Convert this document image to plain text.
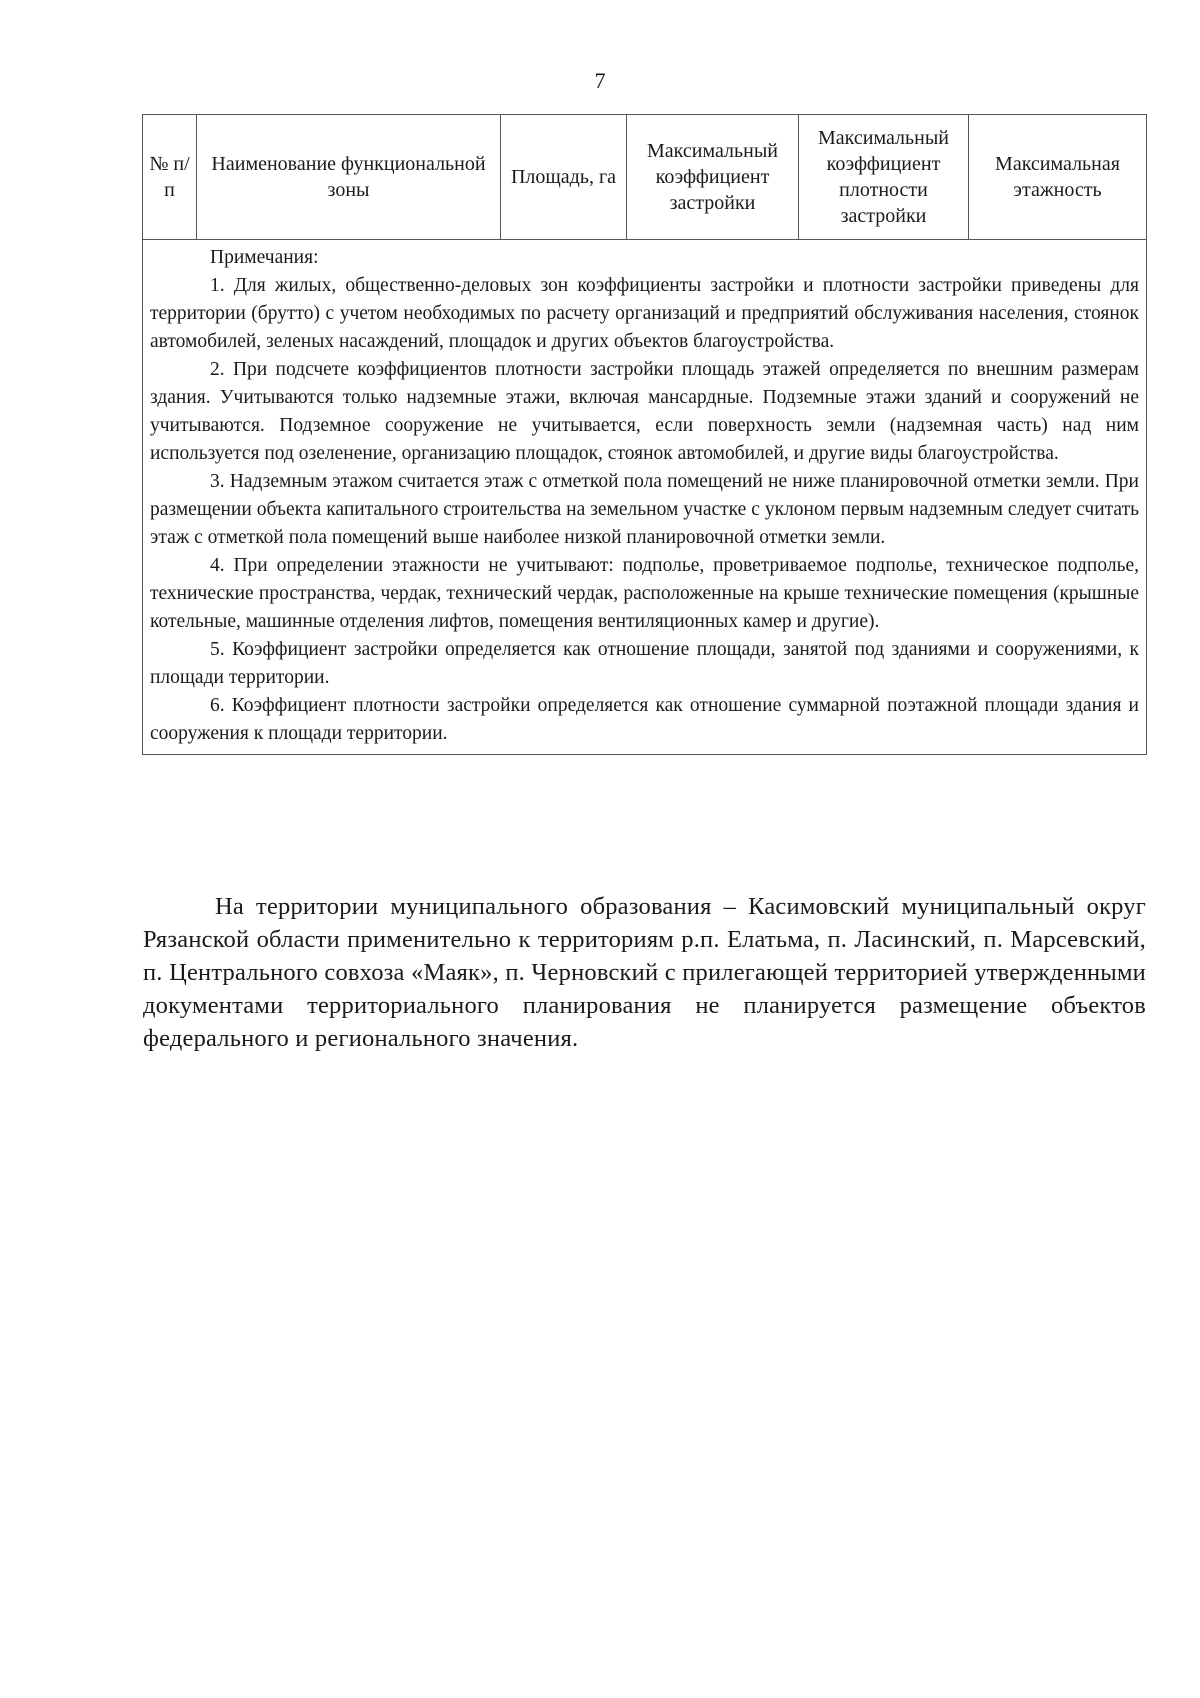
7
№ п/п	Наименование функциональной зоны	Площадь, га	Максимальный коэффициент застройки	Максимальный коэффициент плотности застройки	Максимальная этажность

Примечания:

1. Для жилых, общественно-деловых зон коэффициенты застройки и плотности застройки приведены для территории (брутто) с учетом необходимых по расчету организаций и предприятий обслуживания населения, стоянок автомобилей, зеленых насаждений, площадок и других объектов благоустройства.

2. При подсчете коэффициентов плотности застройки площадь этажей определяется по внешним размерам здания. Учитываются только надземные этажи, включая мансардные. Подземные этажи зданий и сооружений не учитываются. Подземное сооружение не учитывается, если поверхность земли (надземная часть) над ним используется под озеленение, организацию площадок, стоянок автомобилей, и другие виды благоустройства.

3. Надземным этажом считается этаж с отметкой пола помещений не ниже планировочной отметки земли. При размещении объекта капитального строительства на земельном участке с уклоном первым надземным следует считать этаж с отметкой пола помещений выше наиболее низкой планировочной отметки земли.

4. При определении этажности не учитывают: подполье, проветриваемое подполье, техническое подполье, технические пространства, чердак, технический чердак, расположенные на крыше технические помещения (крышные котельные, машинные отделения лифтов, помещения вентиляционных камер и другие).

5. Коэффициент застройки определяется как отношение площади, занятой под зданиями и сооружениями, к площади территории.

6. Коэффициент плотности застройки определяется как отношение суммарной поэтажной площади здания и сооружения к площади территории.

На территории муниципального образования – Касимовский муниципальный округ Рязанской области применительно к территориям р.п. Елатьма, п. Ласинский, п. Марсевский, п. Центрального совхоза «Маяк», п. Черновский с прилегающей территорией утвержденными документами территориального планирования не планируется размещение объектов федерального и регионального значения.
